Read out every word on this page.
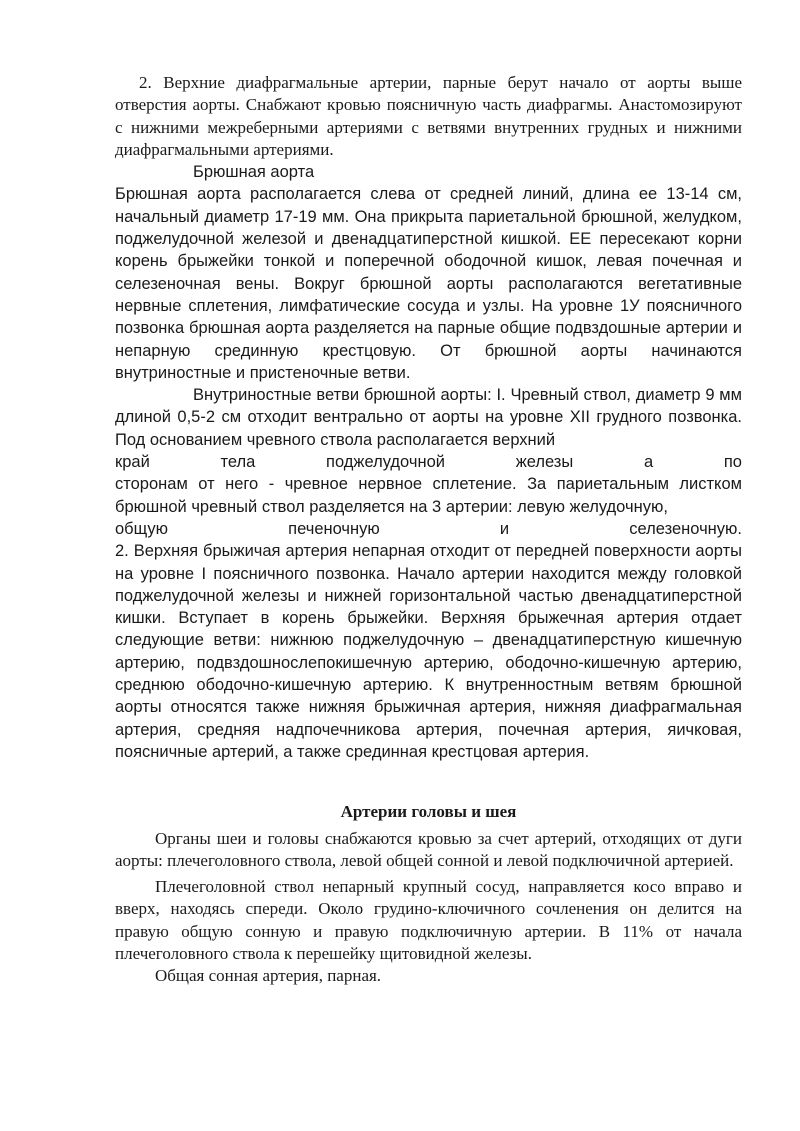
2. Верхние диафрагмальные артерии, парные берут начало от аорты выше отверстия аорты. Снабжают кровью поясничную часть диафрагмы. Анастомозируют с нижними межреберными артериями с ветвями внутренних грудных и нижними диафрагмальными артериями.

Брюшная аорта

Брюшная аорта располагается слева от средней линий, длина ее 13-14 см, начальный диаметр 17-19 мм. Она прикрыта париетальной брюшной, желудком, поджелудочной железой и двенадцатиперстной кишкой. ЕЕ пересекают корни корень брыжейки тонкой и поперечной ободочной кишок, левая почечная и селезеночная вены. Вокруг брюшной аорты располагаются вегетативные нервные сплетения, лимфатические сосуда и узлы. На уровне 1У поясничного позвонка брюшная аорта разделяется на парные общие подвздошные артерии и непарную срединную крестцовую. От брюшной аорты начинаются внутриностные и пристеночные ветви.

Внутриностные ветви брюшной аорты: I. Чревный ствол, диаметр 9 мм длиной 0,5-2 см отходит вентрально от аорты на уровне XII грудного позвонка. Под основанием чревного ствола располагается верхний

край тела поджелудочной железы а по

сторонам от него - чревное нервное сплетение. За париетальным листком брюшной чревный ствол разделяется на 3 артерии: левую желудочную,

общую печеночную и селезеночную.

2. Верхняя брыжичая артерия непарная отходит от передней поверхности аорты на уровне I поясничного позвонка. Начало артерии находится между головкой поджелудочной железы и нижней горизонтальной частью двенадцатиперстной кишки. Вступает в корень брыжейки. Верхняя брыжечная артерия отдает следующие ветви: нижнюю поджелудочную – двенадцатиперстную кишечную артерию, подвздошнослепокишечную артерию, ободочно-кишечную артерию, среднюю ободочно-кишечную артерию. К внутренностным ветвям брюшной аорты относятся также нижняя брыжичная артерия, нижняя диафрагмальная артерия, средняя надпочечникова артерия, почечная артерия, яичковая, поясничные артерий, а также срединная крестцовая артерия.

Артерии головы и шея

Органы шеи и головы снабжаются кровью за счет артерий, отходящих от дуги аорты: плечеголовного ствола, левой общей сонной и левой подключичной артерией.

Плечеголовной ствол непарный крупный сосуд, направляется косо вправо и вверх, находясь спереди. Около грудино-ключичного сочленения он делится на правую общую сонную и правую подключичную артерии. В 11% от начала плечеголовного ствола к перешейку щитовидной железы.

Общая сонная артерия, парная.
